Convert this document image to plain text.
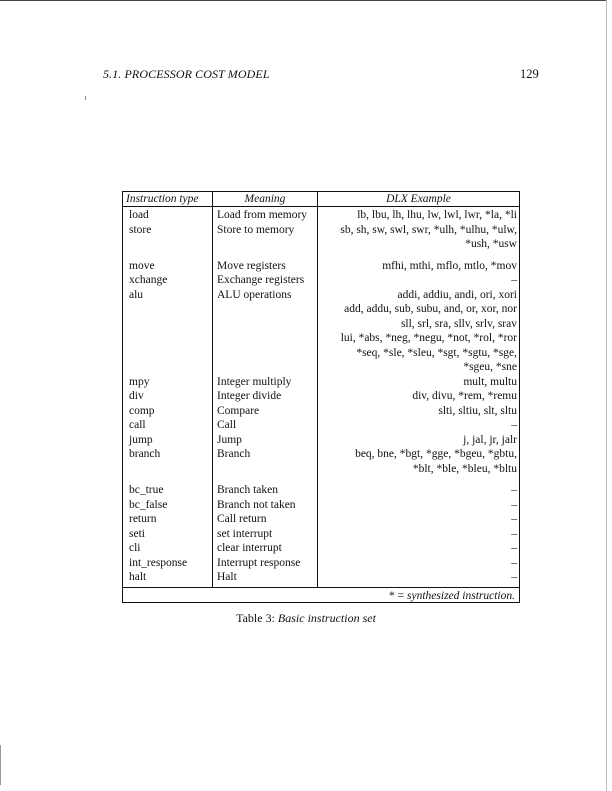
5.1. PROCESSOR COST MODEL	129
Instruction type	Meaning	DLX Example
load	Load from memory	lb, lbu, lh, lhu, lw, lwl, lwr, *la, *li
store	Store to memory	sb, sh, sw, swl, swr, *ulh, *ulhu, *ulw,
*ush, *usw
move	Move registers	mfhi, mthi, mflo, mtlo, *mov
xchange	Exchange registers	–
alu	ALU operations	addi, addiu, andi, ori, xori
add, addu, sub, subu, and, or, xor, nor
sll, srl, sra, sllv, srlv, srav
lui, *abs, *neg, *negu, *not, *rol, *ror
*seq, *sle, *sleu, *sgt, *sgtu, *sge,
*sgeu, *sne
mpy	Integer multiply	mult, multu
div	Integer divide	div, divu, *rem, *remu
comp	Compare	slti, sltiu, slt, sltu
call	Call	–
jump	Jump	j, jal, jr, jalr
branch	Branch	beq, bne, *bgt, *gge, *bgeu, *gbtu,
*blt, *ble, *bleu, *bltu
bc_true	Branch taken	–
bc_false	Branch not taken	–
return	Call return	–
seti	set interrupt	–
cli	clear interrupt	–
int_response	Interrupt response	–
halt	Halt	–
* = synthesized instruction.
Table 3: Basic instruction set
